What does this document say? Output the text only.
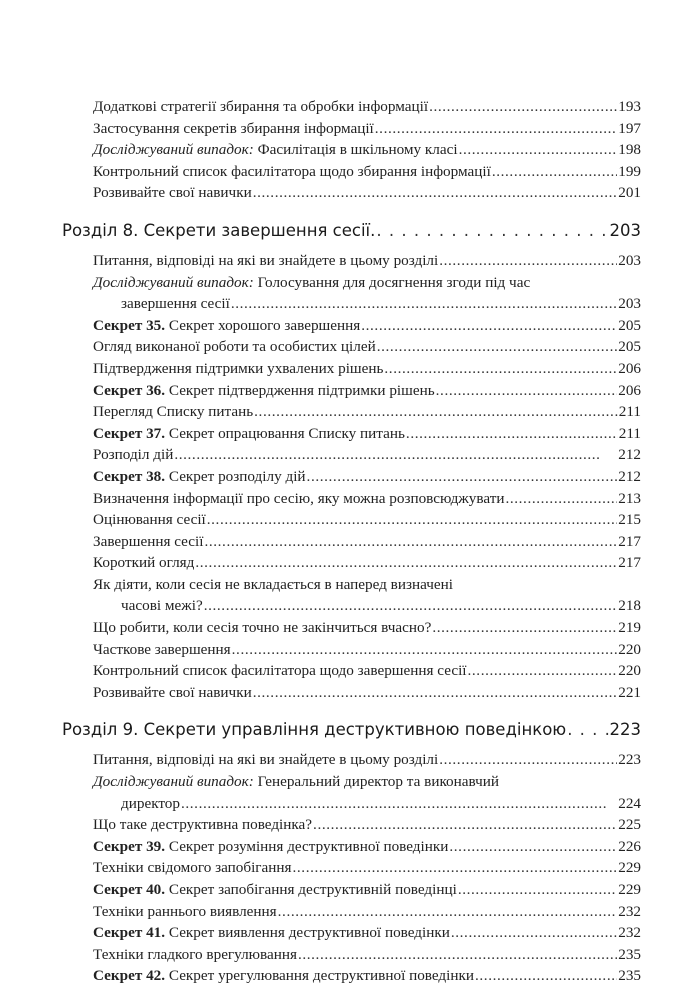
Додаткові стратегії збирання та обробки інформації . . .	193
Застосування секретів збирання інформації . . .	197
Досліджуваний випадок: Фасилітація в шкільному класі . . .	198
Контрольний список фасилітатора щодо збирання інформації . . .	199
Розвивайте свої навички . . .	201
Розділ 8. Секрети завершення сесії. . . .	203
Питання, відповіді на які ви знайдете в цьому розділі . . .	203
Досліджуваний випадок: Голосування для досягнення згоди під час
завершення сесії . . .	203
Секрет 35. Секрет хорошого завершення . . .	205
Огляд виконаної роботи та особистих цілей . . .	205
Підтвердження підтримки ухвалених рішень . . .	206
Секрет 36. Секрет підтвердження підтримки рішень . . .	206
Перегляд Списку питань . . .	211
Секрет 37. Секрет опрацювання Списку питань . . .	211
Розподіл дій . . .	212
Секрет 38. Секрет розподілу дій . . .	212
Визначення інформації про сесію, яку можна розповсюджувати . . .	213
Оцінювання сесії . . .	215
Завершення сесії . . .	217
Короткий огляд . . .	217
Як діяти, коли сесія не вкладається в наперед визначені
часові межі? . . .	218
Що робити, коли сесія точно не закінчиться вчасно? . . .	219
Часткове завершення . . .	220
Контрольний список фасилітатора щодо завершення сесії . . .	220
Розвивайте свої навички . . .	221
Розділ 9. Секрети управління деструктивною поведінкою . . .	223
Питання, відповіді на які ви знайдете в цьому розділі . . .	223
Досліджуваний випадок: Генеральний директор та виконавчий
директор . . .	224
Що таке деструктивна поведінка? . . .	225
Секрет 39. Секрет розуміння деструктивної поведінки . . .	226
Техніки свідомого запобігання . . .	229
Секрет 40. Секрет запобігання деструктивній поведінці . . .	229
Техніки раннього виявлення . . .	232
Секрет 41. Секрет виявлення деструктивної поведінки . . .	232
Техніки гладкого врегулювання . . .	235
Секрет 42. Секрет урегулювання деструктивної поведінки . . .	235
